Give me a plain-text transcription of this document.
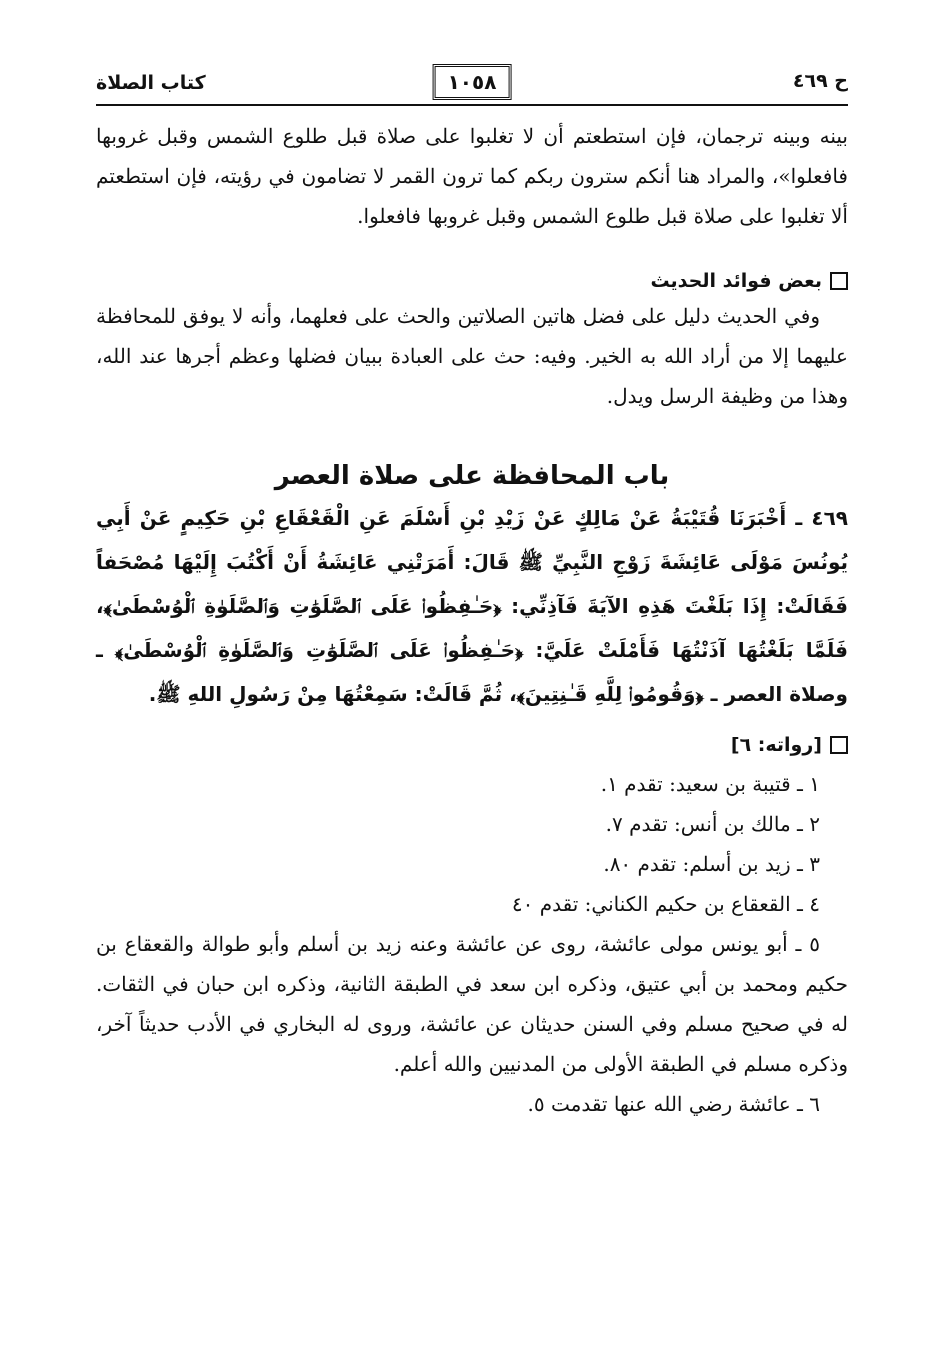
ح ٤٦٩
١٠٥٨
كتاب الصلاة

بينه وبينه ترجمان، فإن استطعتم أن لا تغلبوا على صلاة قبل طلوع الشمس وقبل غروبها فافعلوا»، والمراد هنا أنكم سترون ربكم كما ترون القمر لا تضامون في رؤيته، فإن استطعتم ألا تغلبوا على صلاة قبل طلوع الشمس وقبل غروبها فافعلوا.

بعض فوائد الحديث

وفي الحديث دليل على فضل هاتين الصلاتين والحث على فعلهما، وأنه لا يوفق للمحافظة عليهما إلا من أراد الله به الخير. وفيه: حث على العبادة ببيان فضلها وعظم أجرها عند الله، وهذا من وظيفة الرسل ويدل.

باب المحافظة على صلاة العصر

٤٦٩ ـ أَخْبَرَنَا قُتَيْبَةُ عَنْ مَالِكٍ عَنْ زَيْدِ بْنِ أَسْلَمَ عَنِ الْقَعْقَاعِ بْنِ حَكِيمٍ عَنْ أَبِي يُونُسَ مَوْلَى عَائِشَةَ زَوْجِ النَّبِيِّ ﷺ قَالَ: أَمَرَتْنِي عَائِشَةُ أَنْ أَكْتُبَ إِلَيْهَا مُصْحَفاً فَقَالَتْ: إِذَا بَلَغْتَ هَذِهِ الآيَةَ فَآذِنِّي: ﴿حَـٰفِظُوا۟ عَلَى ٱلصَّلَوَٰتِ وَٱلصَّلَوٰةِ ٱلْوُسْطَىٰ﴾، فَلَمَّا بَلَغْتُهَا آذَنْتُهَا فَأَمْلَتْ عَلَيَّ: ﴿حَـٰفِظُوا۟ عَلَى ٱلصَّلَوَٰتِ وَٱلصَّلَوٰةِ ٱلْوُسْطَىٰ﴾ ـ وصلاة العصر ـ ﴿وَقُومُوا۟ لِلَّهِ قَـٰنِتِينَ﴾، ثُمَّ قَالَتْ: سَمِعْتُهَا مِنْ رَسُولِ اللهِ ﷺ.

[رواته: ٦]
١ ـ قتيبة بن سعيد: تقدم ١.
٢ ـ مالك بن أنس: تقدم ٧.
٣ ـ زيد بن أسلم: تقدم ٨٠.
٤ ـ القعقاع بن حكيم الكناني: تقدم ٤٠

٥ ـ أبو يونس مولى عائشة، روى عن عائشة وعنه زيد بن أسلم وأبو طوالة والقعقاع بن حكيم ومحمد بن أبي عتيق، وذكره ابن سعد في الطبقة الثانية، وذكره ابن حبان في الثقات. له في صحيح مسلم وفي السنن حديثان عن عائشة، وروى له البخاري في الأدب حديثاً آخر، وذكره مسلم في الطبقة الأولى من المدنيين والله أعلم.

٦ ـ عائشة رضي الله عنها تقدمت ٥.
